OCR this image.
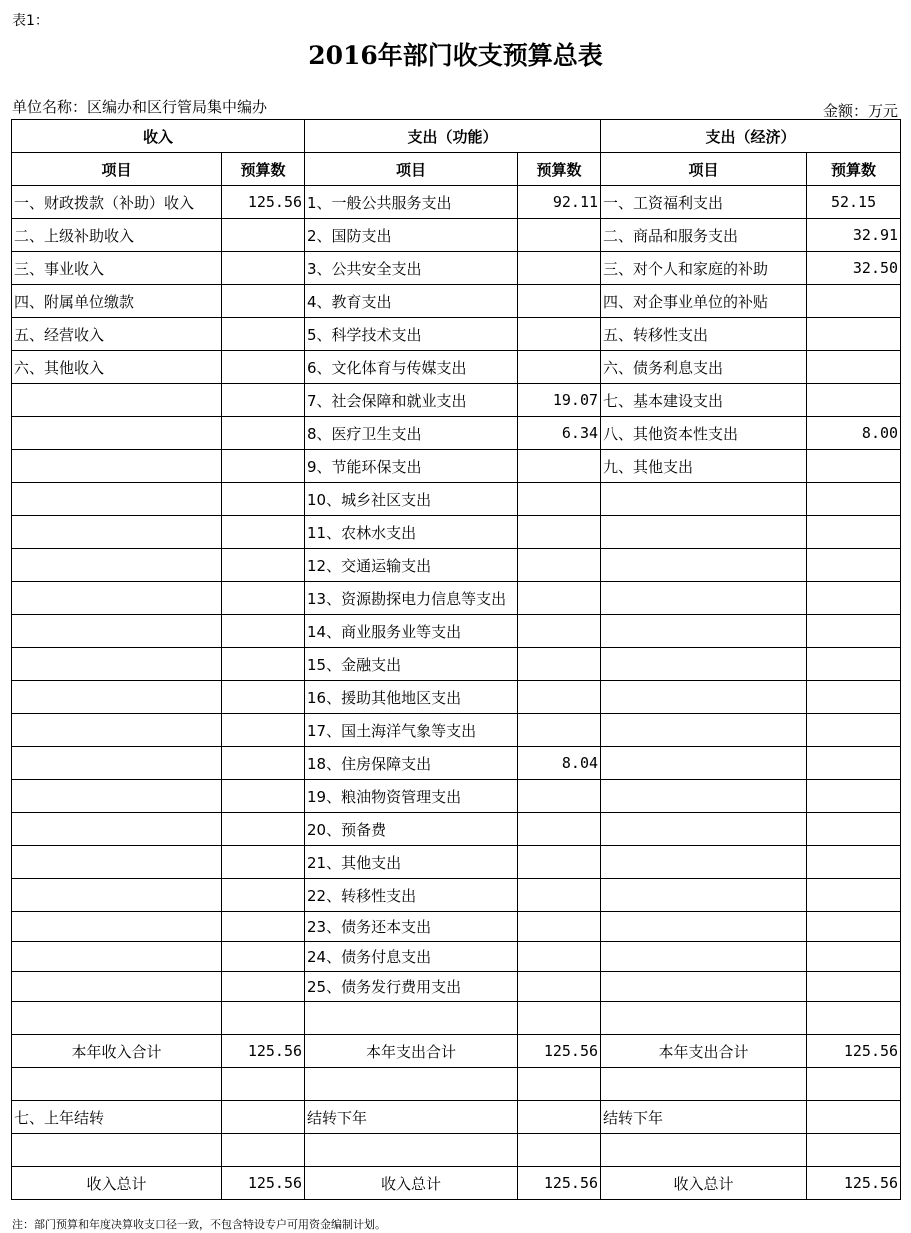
表1：
2016年部门收支预算总表
单位名称：区编办和区行管局集中编办	金额：万元
收入		支出（功能）		支出（经济）	
项目	预算数	项目	预算数	项目	预算数
一、财政拨款（补助）收入	125.56	1、一般公共服务支出	92.11	一、工资福利支出	52.15
二、上级补助收入		2、国防支出		二、商品和服务支出	32.91
三、事业收入		3、公共安全支出		三、对个人和家庭的补助	32.50
四、附属单位缴款		4、教育支出		四、对企事业单位的补贴	
五、经营收入		5、科学技术支出		五、转移性支出	
六、其他收入		6、文化体育与传媒支出		六、债务利息支出	
		7、社会保障和就业支出	19.07	七、基本建设支出	
		8、医疗卫生支出	6.34	八、其他资本性支出	8.00
		9、节能环保支出		九、其他支出	
		10、城乡社区支出			
		11、农林水支出			
		12、交通运输支出			
		13、资源勘探电力信息等支出			
		14、商业服务业等支出			
		15、金融支出			
		16、援助其他地区支出			
		17、国土海洋气象等支出			
		18、住房保障支出	8.04		
		19、粮油物资管理支出			
		20、预备费			
		21、其他支出			
		22、转移性支出			
		23、债务还本支出			
		24、债务付息支出			
		25、债务发行费用支出			

本年收入合计	125.56	本年支出合计	125.56	本年支出合计	125.56

七、上年结转		结转下年		结转下年	

收入总计	125.56	收入总计	125.56	收入总计	125.56
注：部门预算和年度决算收支口径一致，不包含特设专户可用资金编制计划。
